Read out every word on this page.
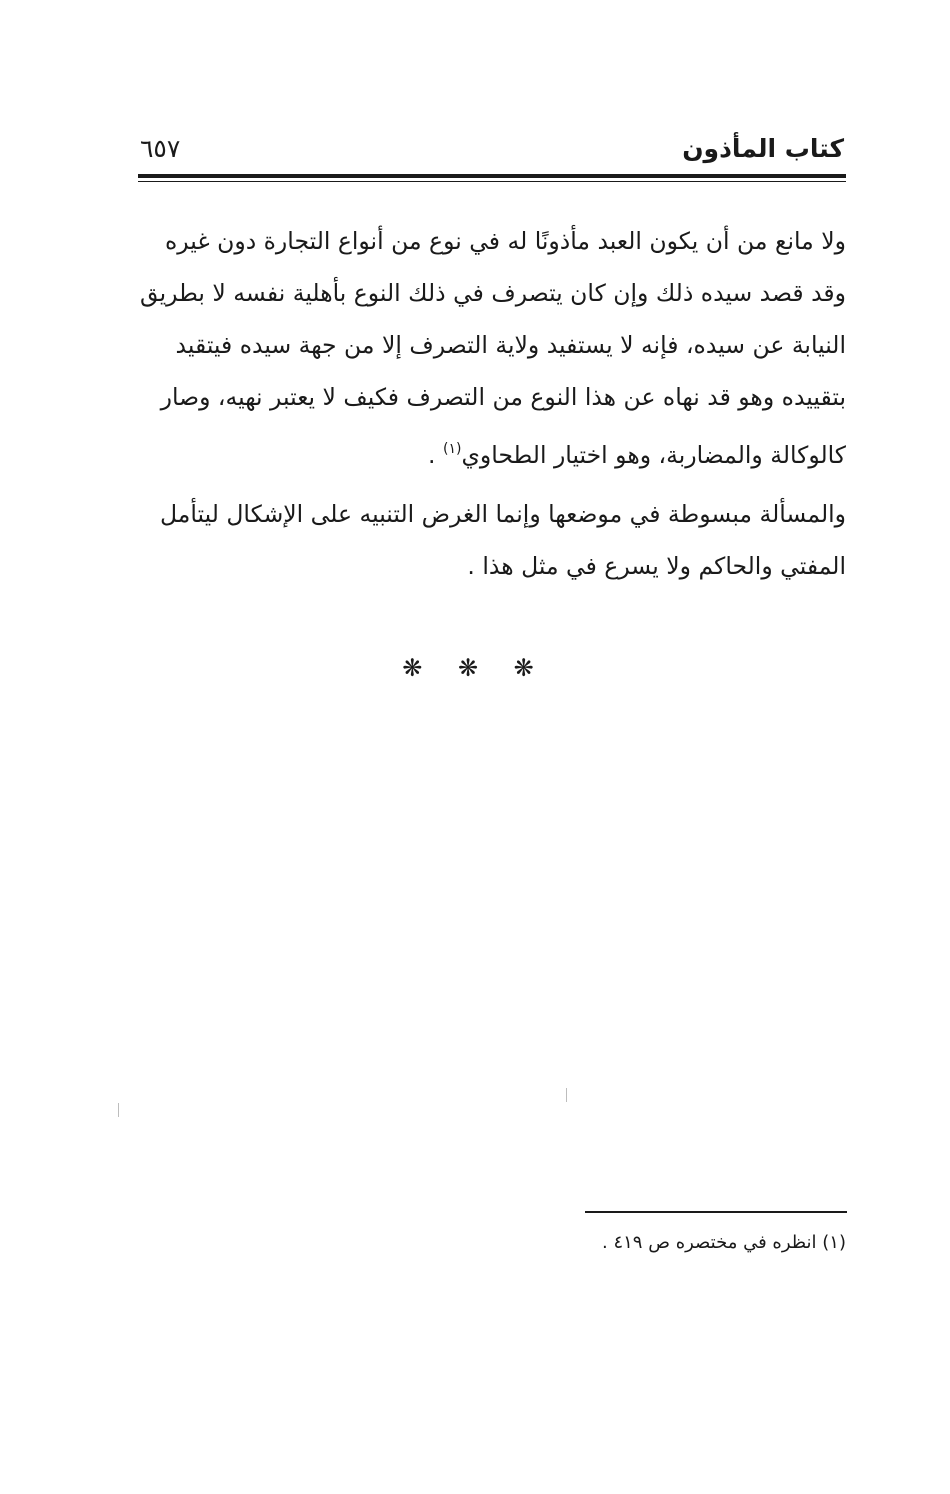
كتاب المأذون
٦٥٧
ولا مانع من أن يكون العبد مأذونًا له في نوع من أنواع التجارة دون غيره
وقد قصد سيده ذلك وإن كان يتصرف في ذلك النوع بأهلية نفسه لا بطريق
النيابة عن سيده، فإنه لا يستفيد ولاية التصرف إلا من جهة سيده فيتقيد
بتقييده وهو قد نهاه عن هذا النوع من التصرف فكيف لا يعتبر نهيه، وصار
كالوكالة والمضاربة، وهو اختيار الطحاوي$^{(١)}$ .
والمسألة مبسوطة في موضعها وإنما الغرض التنبيه على الإشكال ليتأمل
المفتي والحاكم ولا يسرع في مثل هذا .
❋ ❋ ❋
(١) انظره في مختصره ص ٤١٩ .
